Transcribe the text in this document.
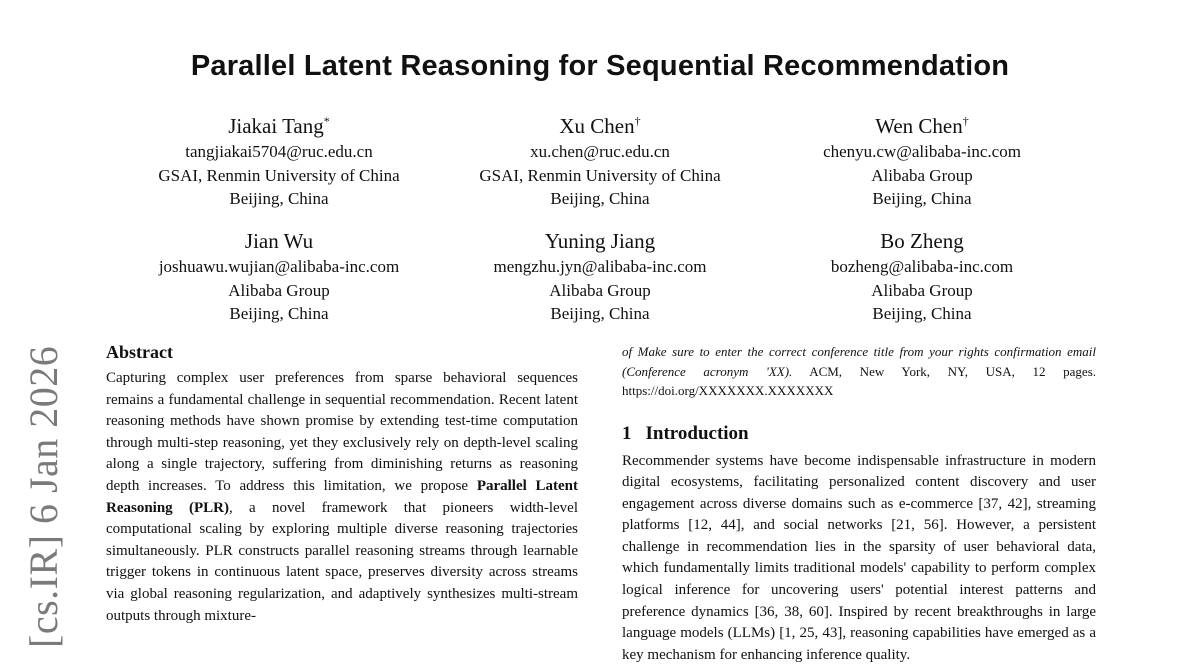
Parallel Latent Reasoning for Sequential Recommendation
Jiakai Tang*
tangjiakai5704@ruc.edu.cn
GSAI, Renmin University of China
Beijing, China
Xu Chen†
xu.chen@ruc.edu.cn
GSAI, Renmin University of China
Beijing, China
Wen Chen†
chenyu.cw@alibaba-inc.com
Alibaba Group
Beijing, China
Jian Wu
joshuawu.wujian@alibaba-inc.com
Alibaba Group
Beijing, China
Yuning Jiang
mengzhu.jyn@alibaba-inc.com
Alibaba Group
Beijing, China
Bo Zheng
bozheng@alibaba-inc.com
Alibaba Group
Beijing, China
[cs.IR] 6 Jan 2026 Abstract

Capturing complex user preferences from sparse behavioral sequences remains a fundamental challenge in sequential recommendation. Recent latent reasoning methods have shown promise by extending test-time computation through multi-step reasoning, yet they exclusively rely on depth-level scaling along a single trajectory, suffering from diminishing returns as reasoning depth increases. To address this limitation, we propose Parallel Latent Reasoning (PLR), a novel framework that pioneers width-level computational scaling by exploring multiple diverse reasoning trajectories simultaneously. PLR constructs parallel reasoning streams through learnable trigger tokens in continuous latent space, preserves diversity across streams via global reasoning regularization, and adaptively synthesizes multi-stream outputs through mixture-

of Make sure to enter the correct conference title from your rights confirmation email (Conference acronym 'XX). ACM, New York, NY, USA, 12 pages. https://doi.org/XXXXXXX.XXXXXXX

1 Introduction

Recommender systems have become indispensable infrastructure in modern digital ecosystems, facilitating personalized content discovery and user engagement across diverse domains such as e-commerce [37, 42], streaming platforms [12, 44], and social networks [21, 56]. However, a persistent challenge in recommendation lies in the sparsity of user behavioral data, which fundamentally limits traditional models' capability to perform complex logical inference for uncovering users' potential interest patterns and preference dynamics [36, 38, 60]. Inspired by recent breakthroughs in large language models (LLMs) [1, 25, 43], reasoning capabilities have emerged as a key mechanism for enhancing inference quality.
